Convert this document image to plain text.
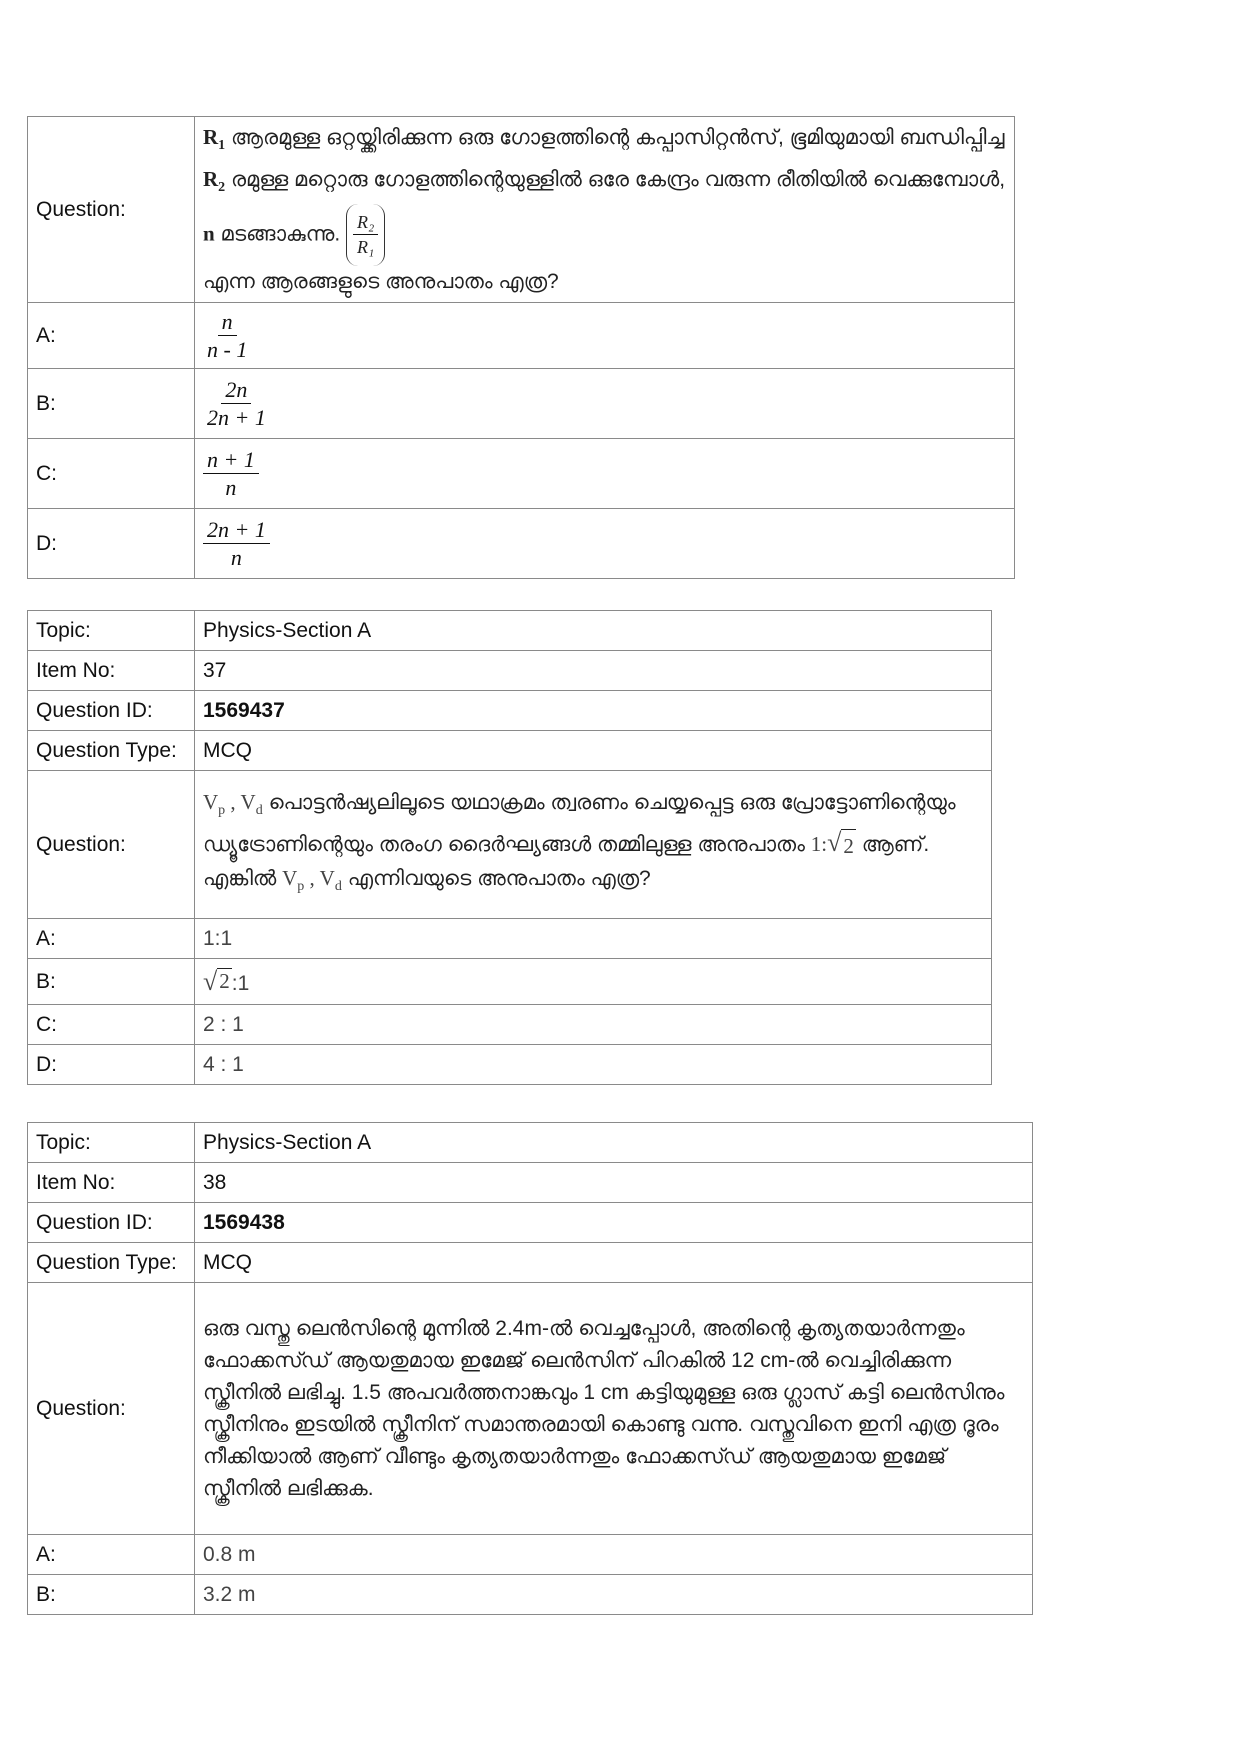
Question:	$R_1$ ആരമുള്ള ഒറ്റയ്ക്കിരിക്കുന്ന ഒരു ഗോളത്തിന്റെ കപ്പാസിറ്റൻസ്, ഭൂമിയുമായി ബന്ധിപ്പിച്ച $R_2$ രമുള്ള മറ്റൊരു ഗോളത്തിന്റെയുള്ളിൽ ഒരേ കേന്ദ്രം വരുന്ന രീതിയിൽ വെക്കുമ്പോൾ, n മടങ്ങാകുന്നു. $\frac{\text{R₂}}{\text{R₁}}$

എന്ന ആരങ്ങളുടെ അനുപാതം എത്ര?
A:	$\frac{n}{n - 1}$

B:	$\frac{2n}{2n + 1}$

C:	$\frac{n + 1}{n}$

D:	$\frac{2n + 1}{n}$
Topic:	Physics-Section A
Item No:	37
Question ID:	1569437
Question Type:	MCQ
Question:	$V_p$ , $V_d$ പൊട്ടൻഷ്യലിലൂടെ യഥാക്രമം ത്വരണം ചെയ്യപ്പെട്ട ഒരു പ്രോട്ടോണിന്റെയും ഡ്യൂട്രോണിന്റെയും തരംഗ ദൈർഘ്യങ്ങൾ തമ്മിലുള്ള അനുപാതം 1: √ 2 ആണ്. എങ്കിൽ $V_p$ , $V_d$ എന്നിവയുടെ അനുപാതം എത്ര?
A:	1:1
B:	√ 2 :1
C:	2 : 1
D:	4 : 1
Topic:	Physics-Section A
Item No:	38
Question ID:	1569438
Question Type:	MCQ
Question:	ഒരു വസ്തു ലെൻസിന്റെ മുന്നിൽ 2.4m-ൽ വെച്ചപ്പോൾ, അതിന്റെ കൃത്യതയാർന്നതും ഫോക്കസ്ഡ് ആയതുമായ ഇമേജ് ലെൻസിന് പിറകിൽ 12 cm-ൽ വെച്ചിരിക്കുന്ന സ്ക്രീനിൽ ലഭിച്ചു. 1.5 അപവർത്തനാങ്കവും 1 cm കട്ടിയുമുള്ള ഒരു ഗ്ലാസ് കട്ടി ലെൻസിനും സ്ക്രീനിനും ഇടയിൽ സ്ക്രീനിന് സമാന്തരമായി കൊണ്ടു വന്നു. വസ്തുവിനെ ഇനി എത്ര ദൂരം നീക്കിയാൽ ആണ് വീണ്ടും കൃത്യതയാർന്നതും ഫോക്കസ്ഡ് ആയതുമായ ഇമേജ് സ്ക്രീനിൽ ലഭിക്കുക.
A:	0.8 m
B:	3.2 m
